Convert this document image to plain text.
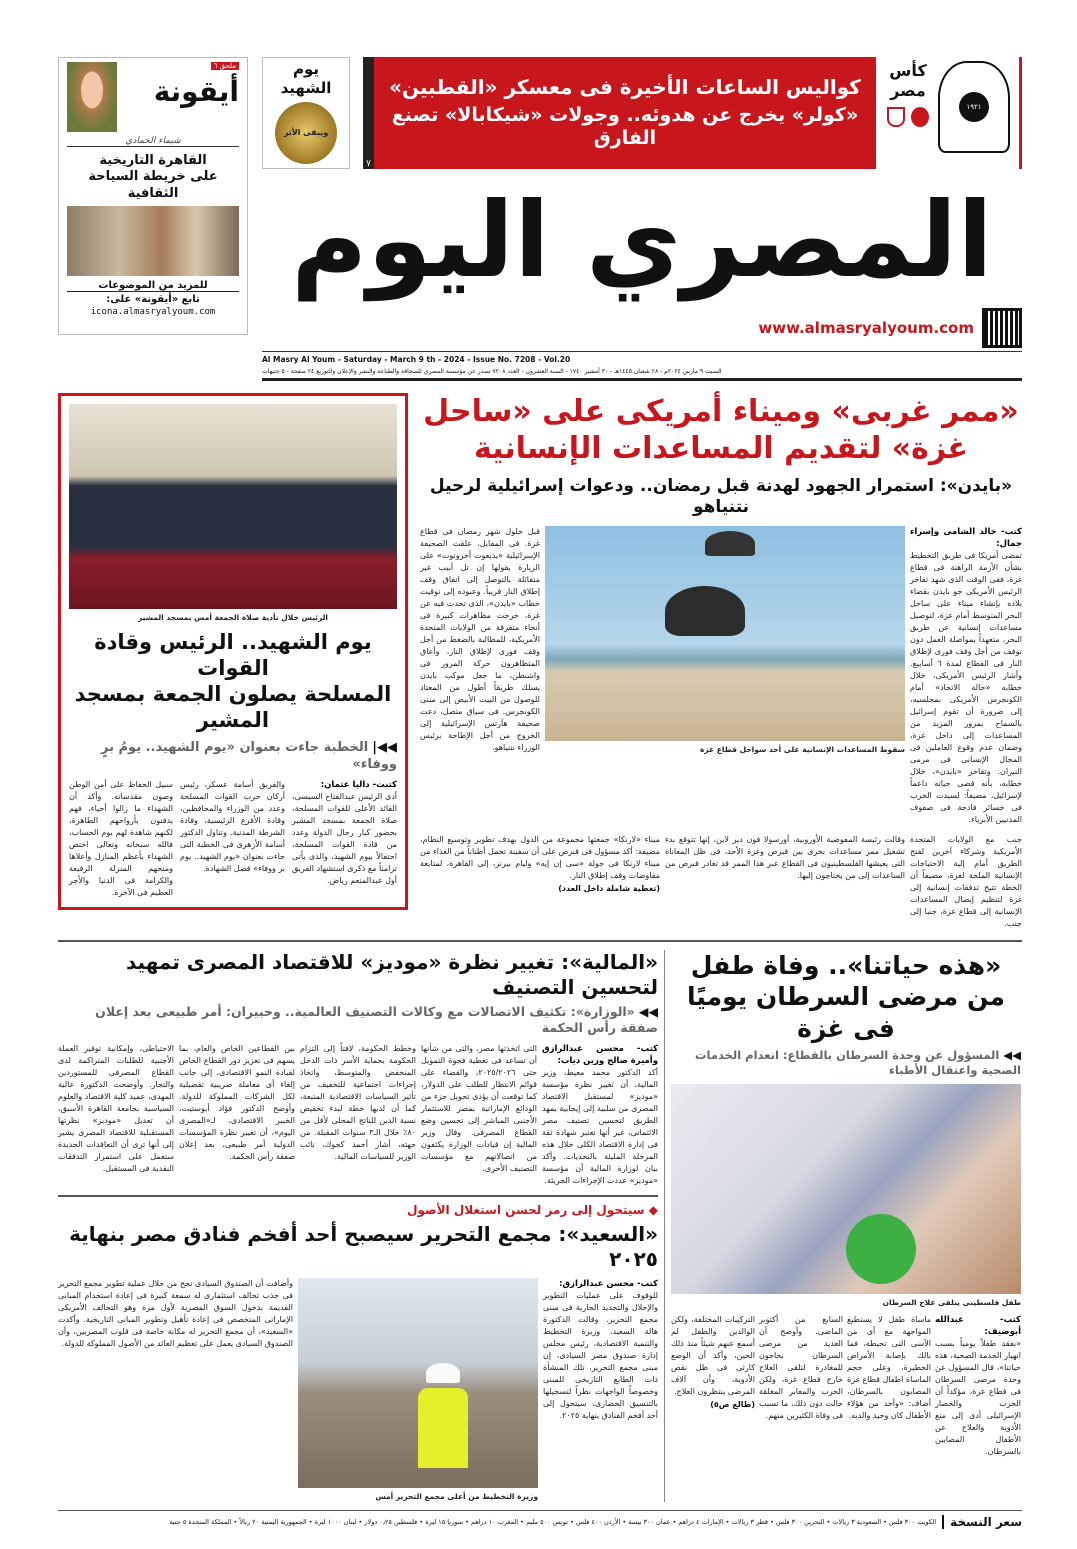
ملحق ٦
أيقونة
شيماء الحمادي
القاهرة التاريخية
على خريطة السياحة الثقافية
للمزيد من الموضوعات
تابع «أيقونة» على:
icona.almasryalyoum.com
يوم
الشهيد
ويبقى الأثر
٧
كواليس الساعات الأخيرة فى معسكر «القطبين»
«كولر» يخرج عن هدوئه.. وجولات «شيكابالا» تصنع الفارق
كأس مصر
١٩٢١
المصري اليوم
www.almasryalyoum.com
Al Masry Al Youm - Saturday - March 9 th - 2024 - Issue No. 7208 - Vol.20
السبت ٩ مارس ٢٠٢٤م - ٢٨ شعبان ١٤٤٥هـ - ٣٠ أمشير ١٧٤٠ - السنة العشرون - العدد ٧٢٠٨ تصدر عن مؤسسة المصري للصحافة والطباعة والنشر والإعلان والتوزيع ٢٤ صفحة - ٥ جنيهات
الرئيس خلال تأدية صلاة الجمعة أمس بمسجد المشير
يوم الشهيد.. الرئيس وقادة القوات
المسلحة يصلون الجمعة بمسجد المشير
◀◀|الخطبة جاءت بعنوان «يوم الشهيد.. يومُ برٍ ووفاء»
كتبت- داليا عثمان:
أدى الرئيس عبدالفتاح السيسى، القائد الأعلى للقوات المسلحة، صلاة الجمعة بمسجد المشير بحضور كبار رجال الدولة وعدد من قادة القوات المسلحة، احتفالاً بيوم الشهيد، والذى يأتى تزامناً مع ذكرى استشهاد الفريق أول عبدالمنعم رياض.
والفريق أسامة عسكر، رئيس أركان حرب القوات المسلحة وعدد من الوزراء والمحافظين، وقادة الأفرع الرئيسية، وقادة الشرطة المدنية. وتناول الدكتور أسامة الأزهرى فى الخطبة التى جاءت بعنوان «يوم الشهيد.. يوم بر ووفاء» فضل الشهادة.
سبيل الحفاظ على أمن الوطن وصون مقدساته. وأكد أن الشهداء ما زالوا أحياء، فهم يدفنون بأرواحهم الطاهرة، لكنهم شاهدة لهم يوم الحساب، فالله سبحانه وتعالى اختص الشهداء بأعظم المنازل وأعلاها ومنحهم المنزلة الرفيعة والكرامة فى الدنيا والأجر العظيم فى الآخرة.
«ممر غربى» وميناء أمريكى على «ساحل
غزة» لتقديم المساعدات الإنسانية
«بايدن»: استمرار الجهود لهدنة قبل رمضان.. ودعوات إسرائيلية لرحيل نتنياهو
كتب- خالد الشامى وإسراء جمال:
تمضى أمريكا فى طريق التخطيط بشأن الأزمة الراهنة فى قطاع غزة، ففى الوقت الذى شهد تفاخر الرئيس الأمريكى جو بايدن بقضاء بلاده بإنشاء ميناء على ساحل البحر المتوسط أمام غزة، لتوصيل مساعدات إنسانية عن طريق البحر، متعهداً بمواصلة العمل دون توقف من أجل وقف فورى لإطلاق النار فى القطاع لمدة ٦ أسابيع. وأشار الرئيس الأمريكى، خلال خطابه «حالة الاتحاد» أمام الكونجرس الأمريكى بمجلسيه، إلى ضرورة أن تقوم إسرائيل بالسماح بمرور المزيد من المساعدات إلى داخل غزة، وضمان عدم وقوع العاملين فى المجال الإنسانى فى مرمى النيران. وتفاخر «بايدن»، خلال خطابه، بأنه قضى حياته داعماً لإسرائيل، مضيفاً: لسيدت الحرب فى خسائر فادحة فى صفوف المدنيين الأبرياء.
سقوط المساعدات الإنسانية على أحد سواحل قطاع غزة
قبل حلول شهر رمضان فى قطاع غزة. فى المقابل، علقت الصحيفة الإسرائيلية «يديعوت أحرونوت» على الزيارة بقولها إن تل أبيب غير متفائلة بالتوصل إلى اتفاق وقف إطلاق النار قريباً. وعبوده إلى توقيت خطاب «بايدن»، الذى تحدث فيه عن غزة، خرجت مظاهرات كبيرة فى أنحاء متفرقة من الولايات المتحدة الأمريكية، للمطالبة بالضغط من أجل وقف فورى لإطلاق النار، وأعاق المتظاهرون حركة المرور فى واشنطن، ما جعل موكب بايدن يسلك طريقاً أطول من المعتاد للوصول من البيت الأبيض إلى مبنى الكونجرس. فى سياق متصل، دعت صحيفة هآرتس الإسرائيلية إلى الخروج من أجل الإطاحة برئيس الوزراء نتنياهو.
جنب مع الولايات المتحدة الأمريكية وشركاء آخرين لفتح الطريق أمام إلية الاحتياجات الإنسانية الملحة لغزة، مضيفاً أن الخطة تتيح تدفقات إنسانية إلى غزة لتنظيم إيصال المساعدات الإنسانية إلى قطاع غزة، جنبا إلى جنب.
وقالت رئيسة المفوضية الأوروبية، أورسولا فون دير لاين، إنها تتوقع بدء تشغيل ممر مساعدات بحرى بين قبرص وغزة الأحد، فى ظل المعاناة التى يعيشها الفلسطينيون فى القطاع عبر هذا الممر قد تغادر قبرص من الساعدات إلى من يحتاجون إليها.
ميناء «لارنكا» جمعتها مجموعة من الدول بهدف تطوير وتوسيع النظام، مضيفة: أكد مسؤول فى قبرص على أن سفينة تحمل أطناناً من الغذاء من ميناء لارنكا فى جولة «سى إن إيه» وليام بيرنز، إلى القاهرة، لمتابعة مفاوضات وقف إطلاق النار.
(تغطية شاملة داخل العدد)
«المالية»: تغيير نظرة «موديز» للاقتصاد المصرى تمهيد لتحسين التصنيف
◀◀«الوزارة»: تكثيف الاتصالات مع وكالات التصنيف العالمية.. وخبيران: أمر طبيعى بعد إعلان صفقة رأس الحكمة
كتب- محسن عبدالرازق وأميرة صالح وزين دياب:
أكد الدكتور محمد معيط، وزير المالية، أن تغيير نظرة مؤسسة «موديز» لمستقبل الاقتصاد المصرى من سلبية إلى إيجابية يمهد الطريق لتحسين تصنيف مصر الائتمانى، غير أنها تعتبر شهادة ثقة فى إدارة الاقتصاد الكلى خلال هذه المرحلة المليئة بالتحديات. وأكد بيان لوزارة المالية أن مؤسسة «موديز» عددت الإجراءات الجريئة.
التى اتخذتها مصر، والتى من شأنها أن تساعد فى تغطية فجوة التمويل حتى ٢٠٢٥/٢٠٢٦، والقضاء على قوائم الانتظار للطلب على الدولار، كما توقعت أن يؤدى تحويل جزء من الودائع الإماراتية بمصر للاستثمار الأجنبى المباشر إلى تحسين وضع القطاع المصرفى. وقال وزير المالية إن قيادات الوزارة يكثفون من اتصالاتهم مع مؤسسات التصنيف الأخرى.
وخطط الحكومة، لافتاً إلى التزام الحكومة بحماية الأسر ذات الدخل المنخفض والمتوسط، واتخاذ إجراءات اجتماعية للتخفيف من تأثير السياسات الاقتصادية المتبعة، كما أن لديها خطة لبدء تخفيض نسبة الدين للناتج المحلى لأقل من ٨٠٪ خلال الـ٣ سنوات المقبلة. من جهته، أشار أحمد كجوك، نائب الوزير للسياسات المالية.
بين القطاعين الخاص والعام، بما يسهم فى تعزيز دور القطاع الخاص لقيادة النمو الاقتصادى، إلى جانب إلغاء أى معاملة ضريبية تفضيلية لكل الشركات المملوكة للدولة. وأوضح الدكتور فؤاد أبوستيت، الخبير الاقتصادى، لـ«المصرى اليوم»، أن تغيير نظرة المؤسسات الدولية أمر طبيعى، بعد إعلان صفقة رأس الحكمة.
الاحتياطى، وإمكانية توفير العملة الأجنبية للطلبات المتراكمة لدى القطاع المصرفى للمستوردين والتجار. وأوضحت الدكتورة عالية المهدى، عميد كلية الاقتصاد والعلوم السياسية بجامعة القاهرة الأسبق، أن تعديل «موديز» نظرتها المستقبلية للاقتصاد المصرى يشير إلى أنها ترى أن التعاقدات الجديدة ستعمل على استمرار التدفقات النقدية فى المستقبل.
◆ سيتحول إلى رمز لحسن استغلال الأصول
«السعيد»: مجمع التحرير سيصبح أحد أفخم فنادق مصر بنهاية ٢٠٢٥
كتب- محسن عبدالرازق:
للوقوف على عمليات التطوير والإحلال والتجديد الجارية فى مبنى مجمع التحرير. وقالت الدكتورة هالة السعيد، وزيرة التخطيط والتنمية الاقتصادية، رئيس مجلس إدارة صندوق مصر السيادى، إن مبنى مجمع التحرير، تلك المنشأة ذات الطابع التاريخى للمبنى وخصوصاً الواجهات نظراً لتسجيلها بالتنسيق الحضارى، سيتحول إلى أحد أفخم الفنادق بنهاية ٢٠٢٥.
وزيرة التخطيط من أعلى مجمع التحرير أمس
وأضافت أن الصندوق السيادى نجح من خلال عملية تطوير مجمع التحرير فى جذب تحالف استثمارى له سمعة كبيرة فى إعادة استخدام المبانى القديمة بدخول السوق المصرية لأول مرة وهو التحالف الأمريكى الإماراتى المتخصص فى إعادة تأهيل وتطوير المبانى التاريخية. وأكدت «السعيد»، أن مجمع التحرير له مكانة خاصة فى قلوب المصريين، وأن الصندوق السيادى يعمل على تعظيم العائد من الأصول المملوكة للدولة.
«هذه حياتنا».. وفاة طفل
من مرضى السرطان يوميًا فى غزة
◀◀المسؤول عن وحدة السرطان بالقطاع: انعدام الخدمات الصحية واعتقال الأطباء
طفل فلسطينى يتلقى علاج السرطان
كتب- عبدالله أبوضيف:
«نفقد طفلاً يومياً بسبب انهيار الخدمة الصحية، هذه حياتنا»، قال المسؤول عن وحدة مرضى السرطان فى قطاع غزة، مؤكداً أن الحرب والحصار الإسرائيلى أدى إلى منع الأدوية والعلاج عن الأطفال المصابين بالسرطان.
ماساة طفل لا يستطيع المواجهة مع أى من الآسى التى تحيطه، فما بالك بإصابة الأمراض الخطيرة، وعلى حجم الماساة اطفال قطاع غزة المصابون بالسرطان، أضاف: «وأحد من هؤلاء الأطفال كان وحيد والديه.
السابع من أكتوبر الماضى. وأوضح أن العديد من مرضى السرطان بحاجون للمغادرة لتلقى العلاج خارج قطاع غزة، ولكن الحرب والمعابر المغلقة حالت دون ذلك، ما تسبب فى وفاة الكثيرين منهم.
التركيبات المختلفة، ولكن الوالدين والطفل لم أسمع عنهم شيئاً منذ ذلك الحين، وأكد أن الوضع كارثى فى ظل نقص الأدوية، وأن آلاف المرضى ينتظرون العلاج.
(طالع ص٥)
سعر النسخة
الكويت ٣٠٠ فلس • السعودية ٣ ريالات • البحرين ٣٠٠ فلس • قطر ٣ ريالات • الإمارات ٤ دراهم • عمان ٣٠٠ بيسة • الأردن ٤٠٠ فلس • تونس ٥٠٠ مليم • المغرب ١٠ دراهم • سوريا ١٥ ليرة • فلسطين ٠٫٢٥ دولار • لبنان ١٠٠٠ ليرة • الجمهورية اليمنية ٢٠ ريالاً • المملكة المتحدة ٥ جنيه
